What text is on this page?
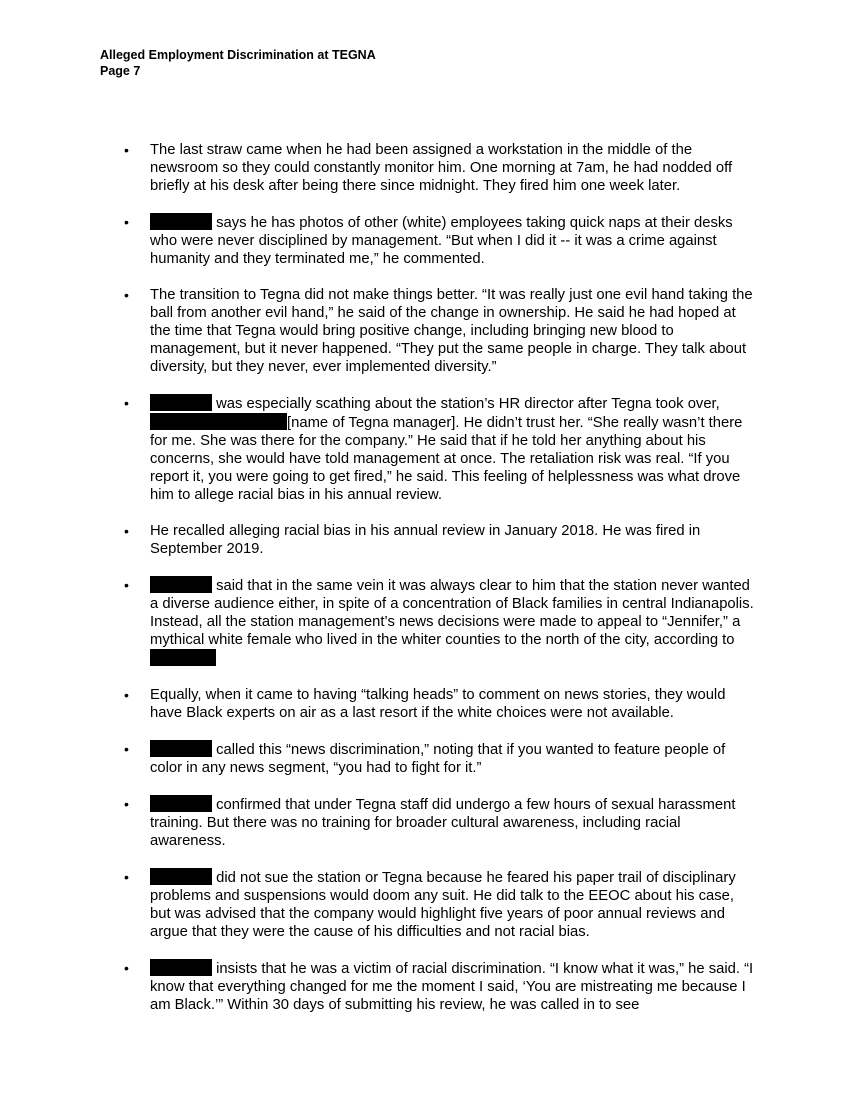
Alleged Employment Discrimination at TEGNA
Page 7
• The last straw came when he had been assigned a workstation in the middle of the newsroom so they could constantly monitor him. One morning at 7am, he had nodded off briefly at his desk after being there since midnight. They fired him one week later.
• says he has photos of other (white) employees taking quick naps at their desks who were never disciplined by management. “But when I did it -- it was a crime against humanity and they terminated me,” he commented.
• The transition to Tegna did not make things better. “It was really just one evil hand taking the ball from another evil hand,” he said of the change in ownership. He said he had hoped at the time that Tegna would bring positive change, including bringing new blood to management, but it never happened. “They put the same people in charge. They talk about diversity, but they never, ever implemented diversity.”
• was especially scathing about the station’s HR director after Tegna took over, [name of Tegna manager]. He didn’t trust her. “She really wasn’t there for me. She was there for the company.” He said that if he told her anything about his concerns, she would have told management at once. The retaliation risk was real. “If you report it, you were going to get fired,” he said. This feeling of helplessness was what drove him to allege racial bias in his annual review.
• He recalled alleging racial bias in his annual review in January 2018. He was fired in September 2019.
• said that in the same vein it was always clear to him that the station never wanted a diverse audience either, in spite of a concentration of Black families in central Indianapolis. Instead, all the station management’s news decisions were made to appeal to “Jennifer,” a mythical white female who lived in the whiter counties to the north of the city, according to
• Equally, when it came to having “talking heads” to comment on news stories, they would have Black experts on air as a last resort if the white choices were not available.
• called this “news discrimination,” noting that if you wanted to feature people of color in any news segment, “you had to fight for it.”
• confirmed that under Tegna staff did undergo a few hours of sexual harassment training. But there was no training for broader cultural awareness, including racial awareness.
• did not sue the station or Tegna because he feared his paper trail of disciplinary problems and suspensions would doom any suit. He did talk to the EEOC about his case, but was advised that the company would highlight five years of poor annual reviews and argue that they were the cause of his difficulties and not racial bias.
• insists that he was a victim of racial discrimination. “I know what it was,” he said. “I know that everything changed for me the moment I said, ‘You are mistreating me because I am Black.’” Within 30 days of submitting his review, he was called in to see
